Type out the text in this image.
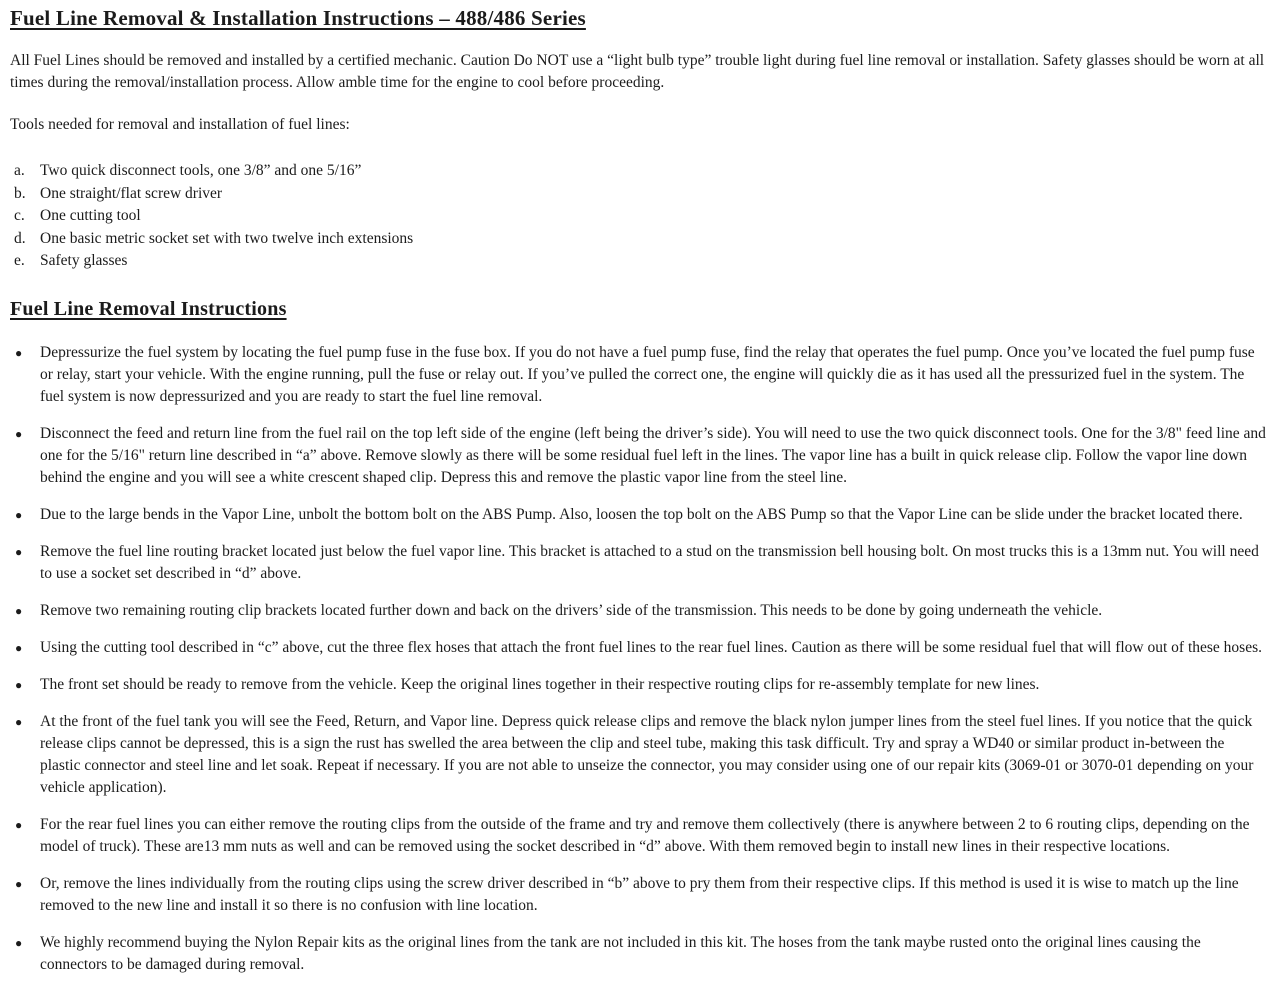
Fuel Line Removal & Installation Instructions – 488/486 Series

All Fuel Lines should be removed and installed by a certified mechanic. Caution Do NOT use a “light bulb type” trouble light during fuel line removal or installation. Safety glasses should be worn at all times during the removal/installation process. Allow amble time for the engine to cool before proceeding.

Tools needed for removal and installation of fuel lines:

a. Two quick disconnect tools, one 3/8” and one 5/16”
b. One straight/flat screw driver
c. One cutting tool
d. One basic metric socket set with two twelve inch extensions
e. Safety glasses
Fuel Line Removal Instructions
●	Depressurize the fuel system by locating the fuel pump fuse in the fuse box. If you do not have a fuel pump fuse, find the relay that operates the fuel pump. Once you’ve located the fuel pump fuse or relay, start your vehicle. With the engine running, pull the fuse or relay out. If you’ve pulled the correct one, the engine will quickly die as it has used all the pressurized fuel in the system. The fuel system is now depressurized and you are ready to start the fuel line removal.
●	Disconnect the feed and return line from the fuel rail on the top left side of the engine (left being the driver’s side). You will need to use the two quick disconnect tools. One for the 3/8" feed line and one for the 5/16" return line described in “a” above. Remove slowly as there will be some residual fuel left in the lines. The vapor line has a built in quick release clip. Follow the vapor line down behind the engine and you will see a white crescent shaped clip. Depress this and remove the plastic vapor line from the steel line.
●	Due to the large bends in the Vapor Line, unbolt the bottom bolt on the ABS Pump. Also, loosen the top bolt on the ABS Pump so that the Vapor Line can be slide under the bracket located there.
●	Remove the fuel line routing bracket located just below the fuel vapor line. This bracket is attached to a stud on the transmission bell housing bolt. On most trucks this is a 13mm nut. You will need to use a socket set described in “d” above.
●	Remove two remaining routing clip brackets located further down and back on the drivers’ side of the transmission. This needs to be done by going underneath the vehicle.
●	Using the cutting tool described in “c” above, cut the three flex hoses that attach the front fuel lines to the rear fuel lines. Caution as there will be some residual fuel that will flow out of these hoses.
●	The front set should be ready to remove from the vehicle. Keep the original lines together in their respective routing clips for re-assembly template for new lines.
●	At the front of the fuel tank you will see the Feed, Return, and Vapor line. Depress quick release clips and remove the black nylon jumper lines from the steel fuel lines. If you notice that the quick release clips cannot be depressed, this is a sign the rust has swelled the area between the clip and steel tube, making this task difficult. Try and spray a WD40 or similar product in-between the plastic connector and steel line and let soak. Repeat if necessary. If you are not able to unseize the connector, you may consider using one of our repair kits (3069-01 or 3070-01 depending on your vehicle application).
●	For the rear fuel lines you can either remove the routing clips from the outside of the frame and try and remove them collectively (there is anywhere between 2 to 6 routing clips, depending on the model of truck). These are13 mm nuts as well and can be removed using the socket described in “d” above. With them removed begin to install new lines in their respective locations.
●	Or, remove the lines individually from the routing clips using the screw driver described in “b” above to pry them from their respective clips. If this method is used it is wise to match up the line removed to the new line and install it so there is no confusion with line location.
●	We highly recommend buying the Nylon Repair kits as the original lines from the tank are not included in this kit. The hoses from the tank maybe rusted onto the original lines causing the connectors to be damaged during removal.
